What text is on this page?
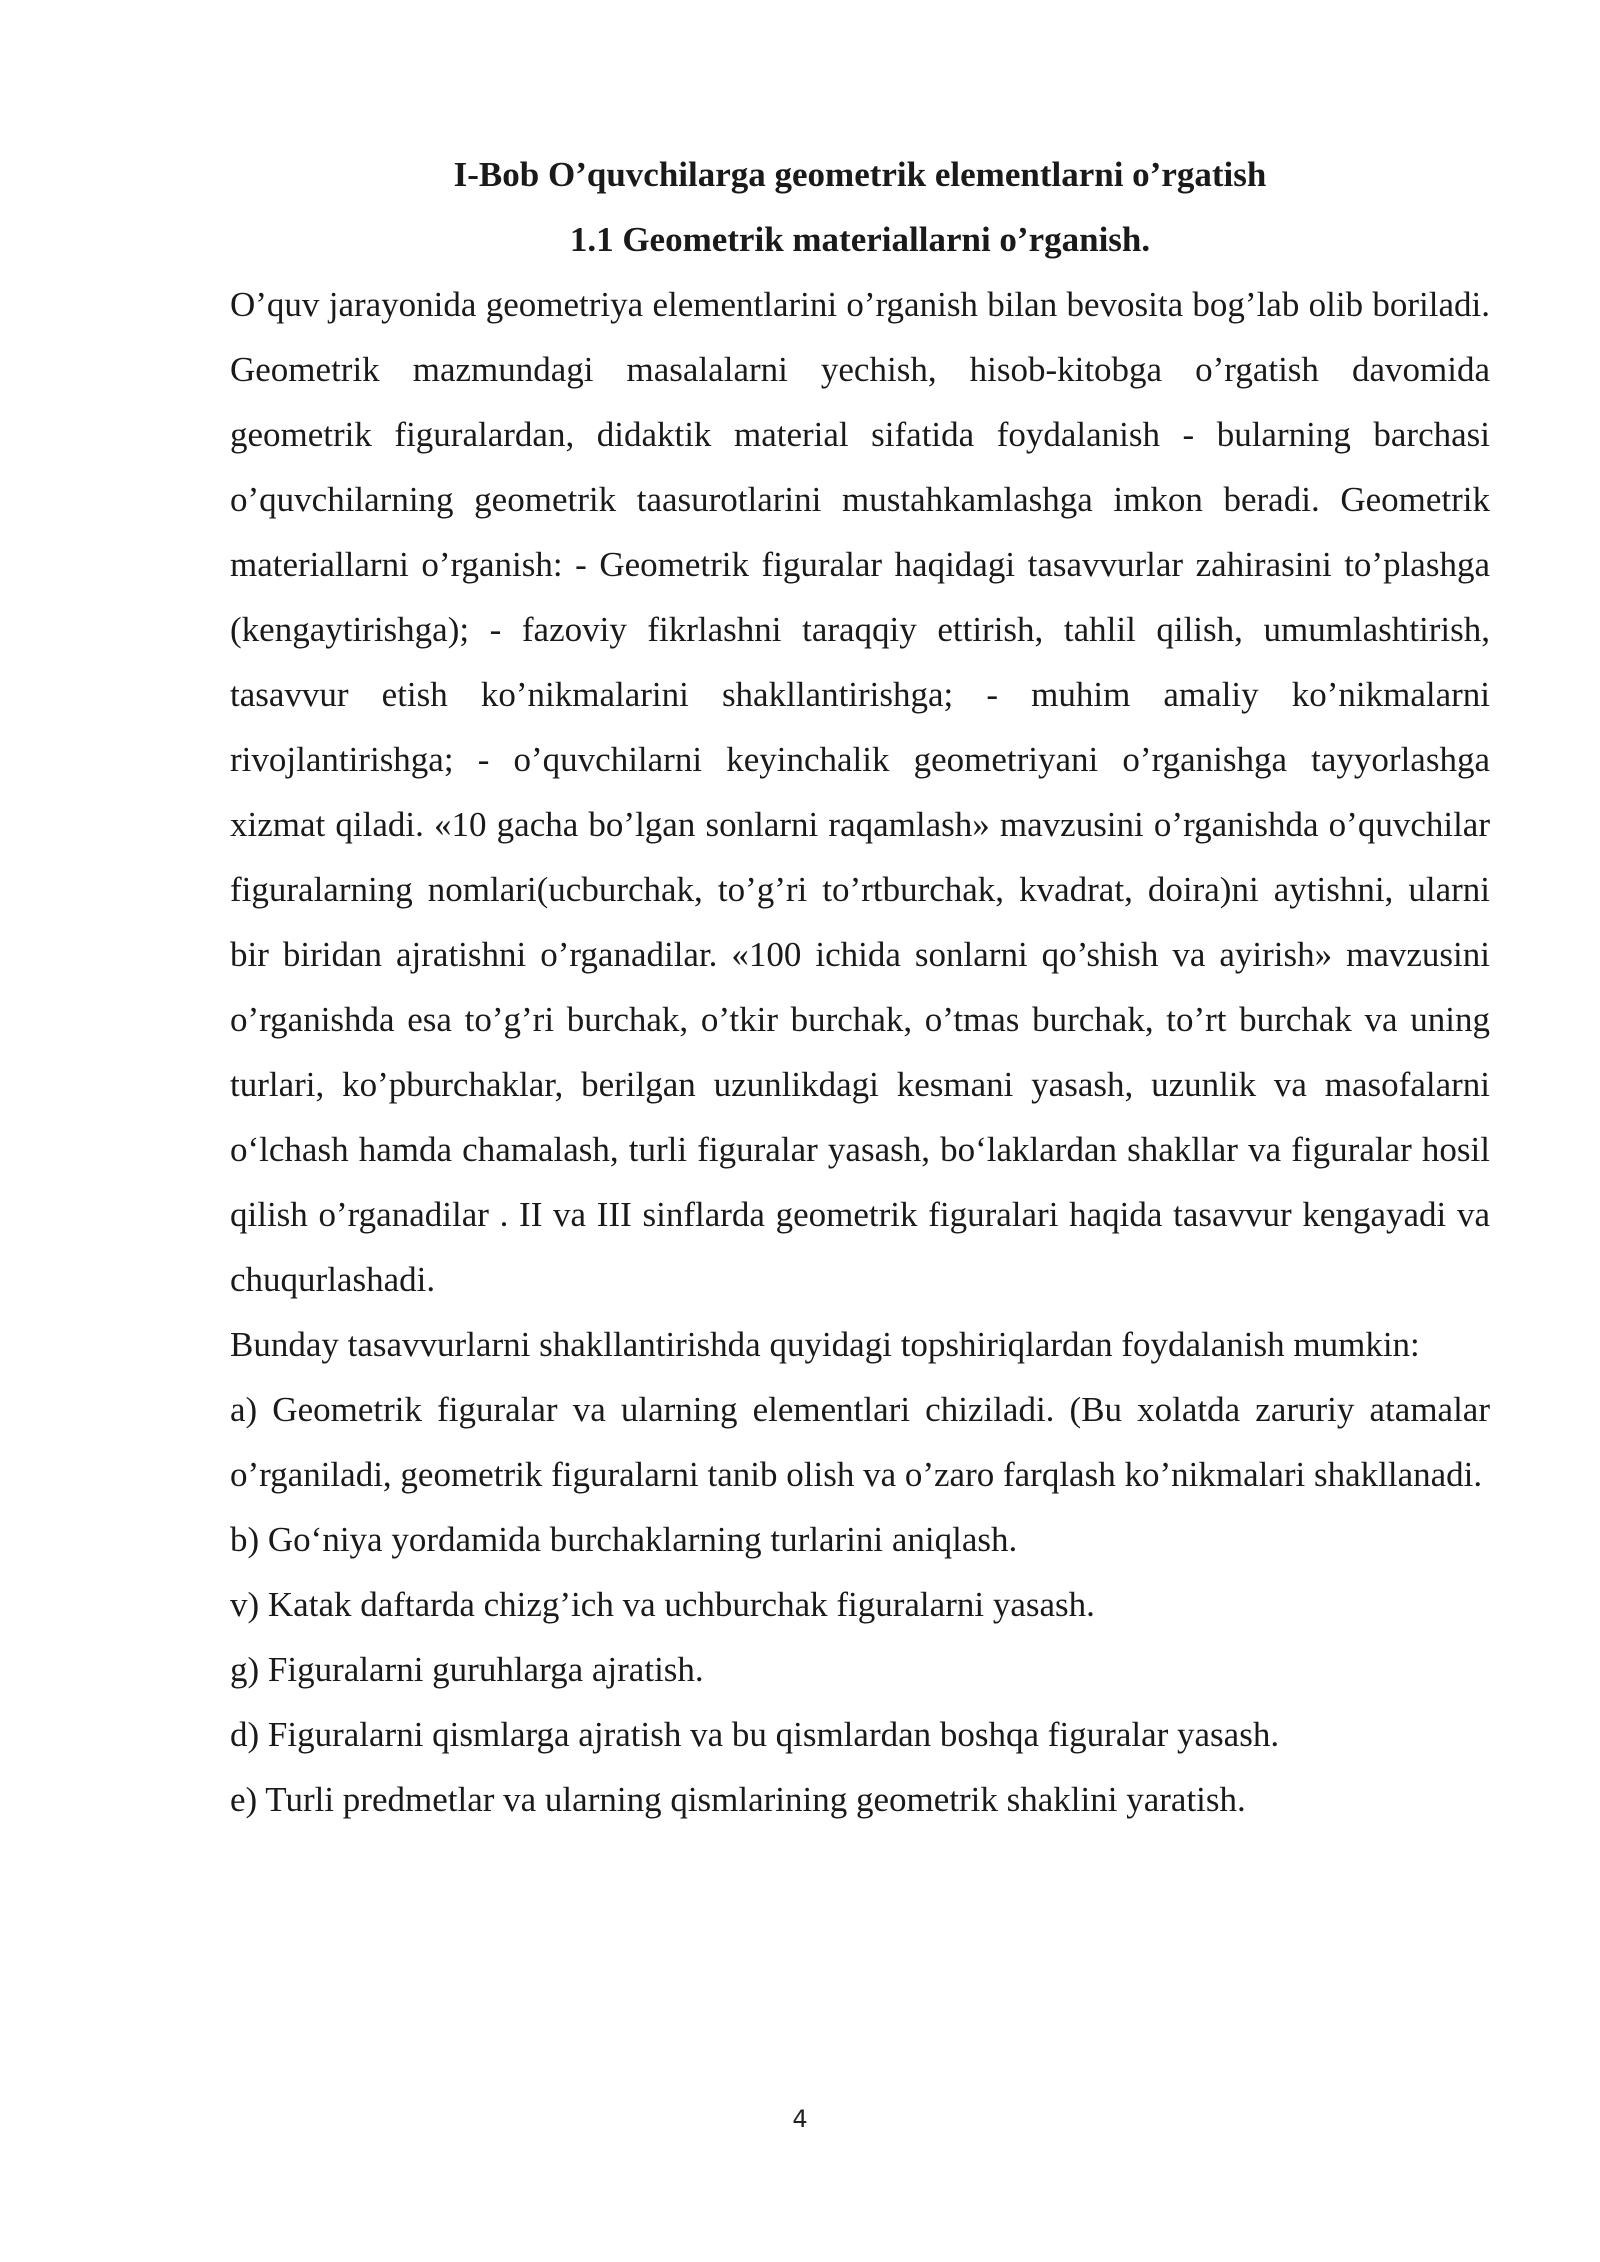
I-Bob O’quvchilarga geometrik elementlarni o’rgatish

1.1 Geometrik materiallarni o’rganish.

O’quv jarayonida geometriya elementlarini o’rganish bilan bevosita bog’lab olib boriladi. Geometrik mazmundagi masalalarni yechish, hisob-kitobga o’rgatish davomida geometrik figuralardan, didaktik material sifatida foydalanish - bularning barchasi o’quvchilarning geometrik taasurotlarini mustahkamlashga imkon beradi. Geometrik materiallarni o’rganish: - Geometrik figuralar haqidagi tasavvurlar zahirasini to’plashga (kengaytirishga); - fazoviy fikrlashni taraqqiy ettirish, tahlil qilish, umumlashtirish, tasavvur etish ko’nikmalarini shakllantirishga; - muhim amaliy ko’nikmalarni rivojlantirishga; - o’quvchilarni keyinchalik geometriyani o’rganishga tayyorlashga xizmat qiladi. «10 gacha bo’lgan sonlarni raqamlash» mavzusini o’rganishda o’quvchilar figuralarning nomlari(ucburchak, to’g’ri to’rtburchak, kvadrat, doira)ni aytishni, ularni bir biridan ajratishni o’rganadilar. «100 ichida sonlarni qo’shish va ayirish» mavzusini o’rganishda esa to’g’ri burchak, o’tkir burchak, o’tmas burchak, to’rt burchak va uning turlari, ko’pburchaklar, berilgan uzunlikdagi kesmani yasash, uzunlik va masofalarni o‘lchash hamda chamalash, turli figuralar yasash, bo‘laklardan shakllar va figuralar hosil qilish o’rganadilar . II va III sinflarda geometrik figuralari haqida tasavvur kengayadi va chuqurlashadi.

Bunday tasavvurlarni shakllantirishda quyidagi topshiriqlardan foydalanish mumkin:

a) Geometrik figuralar va ularning elementlari chiziladi. (Bu xolatda zaruriy atamalar o’rganiladi, geometrik figuralarni tanib olish va o’zaro farqlash ko’nikmalari shakllanadi.

b) Go‘niya yordamida burchaklarning turlarini aniqlash.

v) Katak daftarda chizg’ich va uchburchak figuralarni yasash.

g) Figuralarni guruhlarga ajratish.

d) Figuralarni qismlarga ajratish va bu qismlardan boshqa figuralar yasash.

e) Turli predmetlar va ularning qismlarining geometrik shaklini yaratish.

4
